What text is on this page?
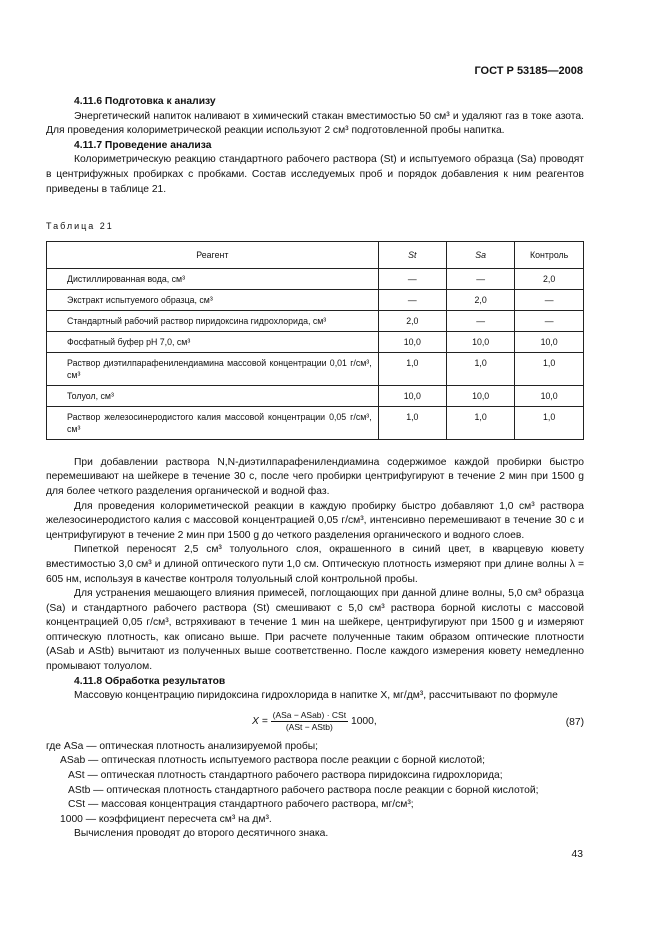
ГОСТ Р 53185—2008

4.11.6 Подготовка к анализу

Энергетический напиток наливают в химический стакан вместимостью 50 см³ и удаляют газ в токе азота. Для проведения колориметрической реакции используют 2 см³ подготовленной пробы напитка.

4.11.7 Проведение анализа

Колориметрическую реакцию стандартного рабочего раствора (St) и испытуемого образца (Sa) проводят в центрифужных пробирках с пробками. Состав исследуемых проб и порядок добавления к ним реагентов приведены в таблице 21.

Таблица 21
Реагент	St	Sa	Контроль
Дистиллированная вода, см³	—	—	2,0
Экстракт испытуемого образца, см³	—	2,0	—
Стандартный рабочий раствор пиридоксина гидрохлорида, см³	2,0	—	—
Фосфатный буфер рН 7,0, см³	10,0	10,0	10,0
Раствор диэтилпарафенилендиамина массовой концентрации 0,01 г/см³, см³	1,0	1,0	1,0
Толуол, см³	10,0	10,0	10,0
Раствор железосинеродистого калия массовой концентрации 0,05 г/см³, см³	1,0	1,0	1,0

При добавлении раствора N,N-диэтилпарафенилендиамина содержимое каждой пробирки быстро перемешивают на шейкере в течение 30 с, после чего пробирки центрифугируют в течение 2 мин при 1500 g для более четкого разделения органической и водной фаз.

Для проведения колориметической реакции в каждую пробирку быстро добавляют 1,0 см³ раствора железосинеродистого калия с массовой концентрацией 0,05 г/см³, интенсивно перемешивают в течение 30 с и центрифугируют в течение 2 мин при 1500 g до четкого разделения органического и водного слоев.

Пипеткой переносят 2,5 см³ толуольного слоя, окрашенного в синий цвет, в кварцевую кювету вместимостью 3,0 см³ и длиной оптического пути 1,0 см. Оптическую плотность измеряют при длине волны λ = 605 нм, используя в качестве контроля толуольный слой контрольной пробы.

Для устранения мешающего влияния примесей, поглощающих при данной длине волны, 5,0 см³ образца (Sa) и стандартного рабочего раствора (St) смешивают с 5,0 см³ раствора борной кислоты с массовой концентрацией 0,05 г/см³, встряхивают в течение 1 мин на шейкере, центрифугируют при 1500 g и измеряют оптическую плотность, как описано выше. При расчете полученные таким образом оптические плотности (ASab и AStb) вычитают из полученных выше соответственно. После каждого измерения кювету немедленно промывают толуолом.

4.11.8 Обработка результатов

Массовую концентрацию пиридоксина гидрохлорида в напитке X, мг/дм³, рассчитывают по формуле

$X = \frac{\text{(ASa − ASab) · CSt}}{\text{(ASt − AStb)}} 1000$,	(87)
где ASa — оптическая плотность анализируемой пробы;
ASab — оптическая плотность испытуемого раствора после реакции с борной кислотой;
ASt — оптическая плотность стандартного рабочего раствора пиридоксина гидрохлорида;
AStb — оптическая плотность стандартного рабочего раствора после реакции с борной кислотой;
CSt — массовая концентрация стандартного рабочего раствора, мг/см³;
1000 — коэффициент пересчета см³ на дм³.

Вычисления проводят до второго десятичного знака.

43
